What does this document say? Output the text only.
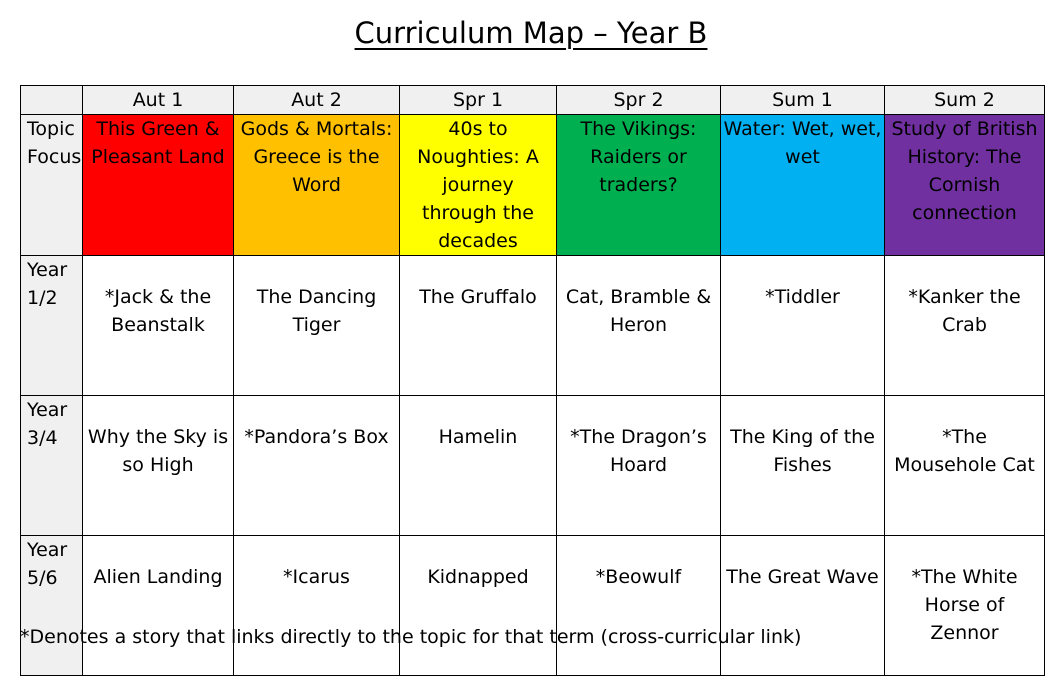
Curriculum Map – Year B
	Aut 1	Aut 2	Spr 1	Spr 2	Sum 1	Sum 2

Topic
Focus	This Green & Pleasant Land	Gods & Mortals: Greece is the Word	40s to Noughties: A journey through the decades	The Vikings: Raiders or traders?	Water: Wet, wet, wet	Study of British History: The Cornish connection

Year
1/2	*Jack & the Beanstalk	The Dancing Tiger	The Gruffalo	Cat, Bramble & Heron	*Tiddler	*Kanker the Crab

Year
3/4	Why the Sky is so High	*Pandora’s Box	Hamelin	*The Dragon’s Hoard	The King of the Fishes	*The Mousehole Cat

Year
5/6	Alien Landing	*Icarus	Kidnapped	*Beowulf	The Great Wave	*The White Horse of Zennor
*Denotes a story that links directly to the topic for that term (cross-curricular link)
